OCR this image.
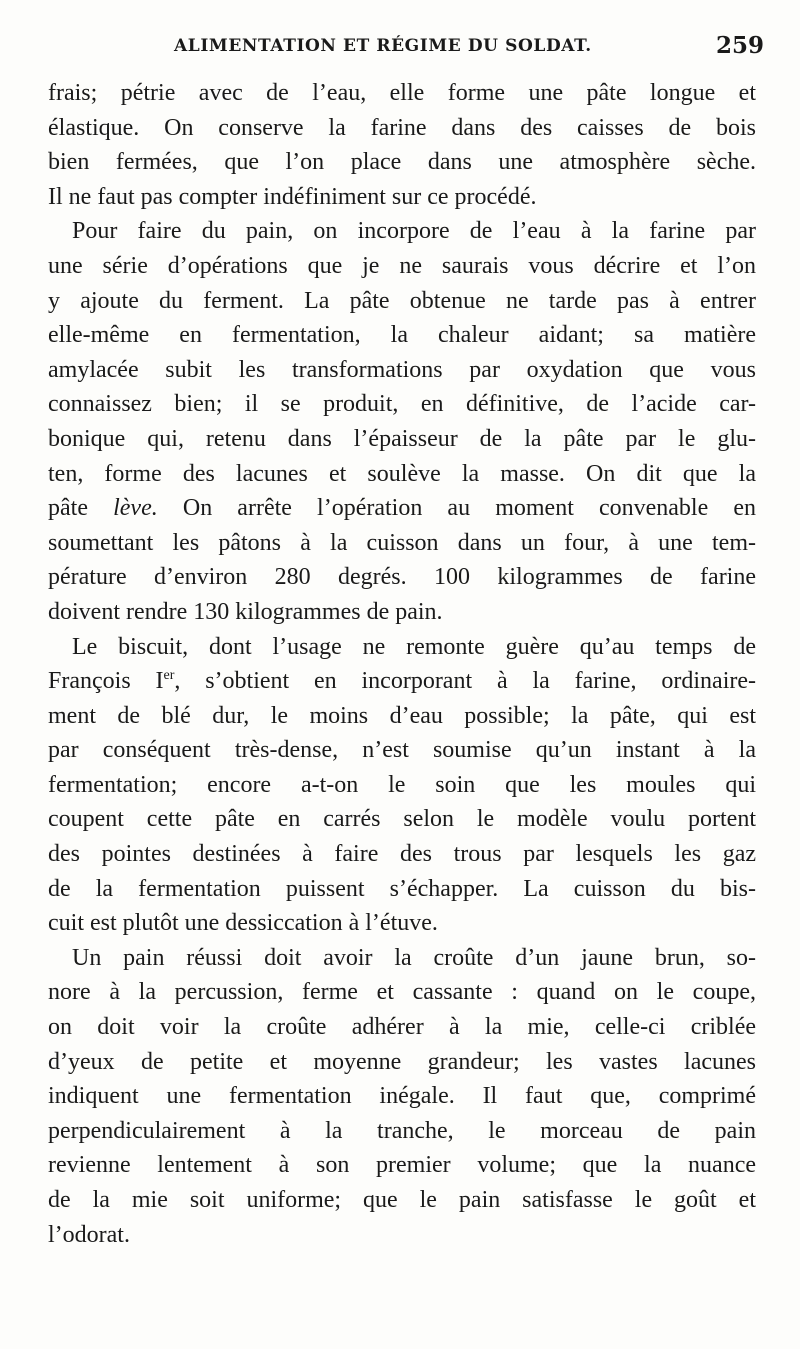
ALIMENTATION ET RÉGIME DU SOLDAT.	259
frais; pétrie avec de l’eau, elle forme une pâte longue et
élastique. On conserve la farine dans des caisses de bois
bien fermées, que l’on place dans une atmosphère sèche.
Il ne faut pas compter indéfiniment sur ce procédé.
Pour faire du pain, on incorpore de l’eau à la farine par
une série d’opérations que je ne saurais vous décrire et l’on
y ajoute du ferment. La pâte obtenue ne tarde pas à entrer
elle-même en fermentation, la chaleur aidant; sa matière
amylacée subit les transformations par oxydation que vous
connaissez bien; il se produit, en définitive, de l’acide car-
bonique qui, retenu dans l’épaisseur de la pâte par le glu-
ten, forme des lacunes et soulève la masse. On dit que la
pâte lève. On arrête l’opération au moment convenable en
soumettant les pâtons à la cuisson dans un four, à une tem-
pérature d’environ 280 degrés. 100 kilogrammes de farine
doivent rendre 130 kilogrammes de pain.
Le biscuit, dont l’usage ne remonte guère qu’au temps de
François Ier, s’obtient en incorporant à la farine, ordinaire-
ment de blé dur, le moins d’eau possible; la pâte, qui est
par conséquent très-dense, n’est soumise qu’un instant à la
fermentation; encore a-t-on le soin que les moules qui
coupent cette pâte en carrés selon le modèle voulu portent
des pointes destinées à faire des trous par lesquels les gaz
de la fermentation puissent s’échapper. La cuisson du bis-
cuit est plutôt une dessiccation à l’étuve.
Un pain réussi doit avoir la croûte d’un jaune brun, so-
nore à la percussion, ferme et cassante : quand on le coupe,
on doit voir la croûte adhérer à la mie, celle-ci criblée
d’yeux de petite et moyenne grandeur; les vastes lacunes
indiquent une fermentation inégale. Il faut que, comprimé
perpendiculairement à la tranche, le morceau de pain
revienne lentement à son premier volume; que la nuance
de la mie soit uniforme; que le pain satisfasse le goût et
l’odorat.
